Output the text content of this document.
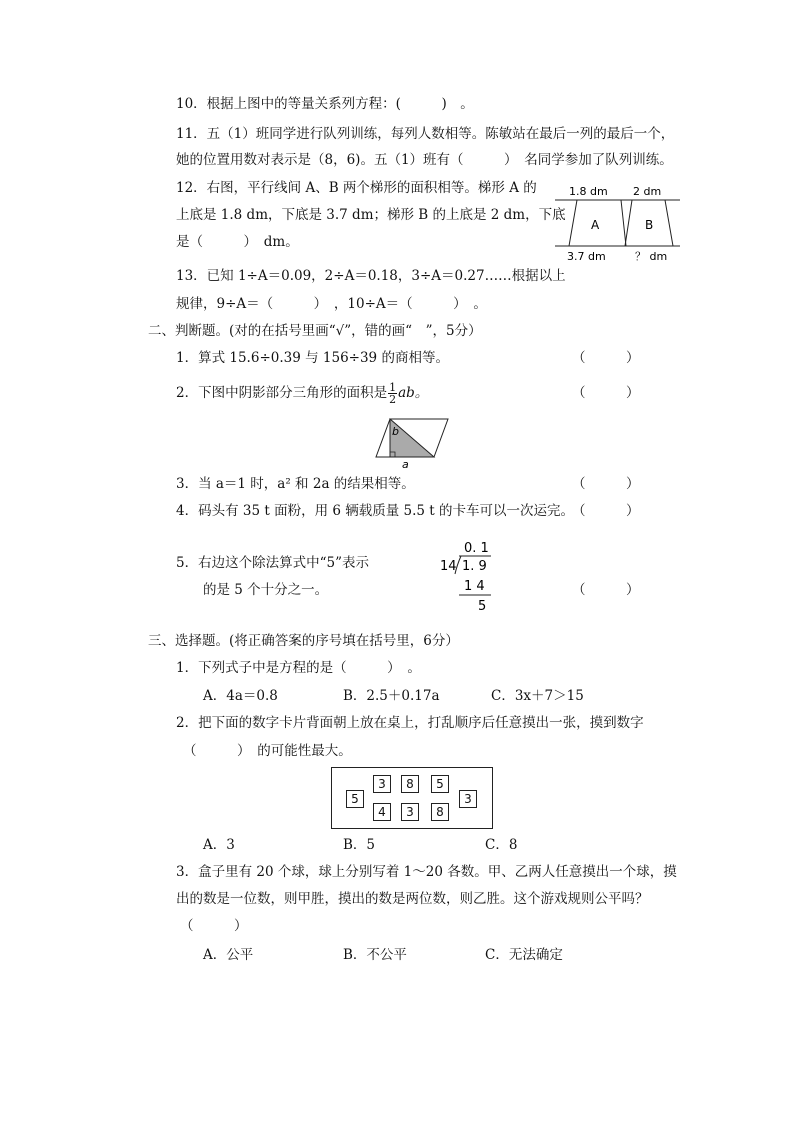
10．根据上图中的等量关系列方程：(　　　)　。
11．五（1）班同学进行队列训练，每列人数相等。陈敏站在最后一列的最后一个，
她的位置用数对表示是（8，6)。五（1）班有（　　　）　名同学参加了队列训练。
12．右图，平行线间 A、B 两个梯形的面积相等。梯形 A 的
上底是 1.8 dm，下底是 3.7 dm；梯形 B 的上底是 2 dm，下底
是（　　　）　dm。
1.8 dm 2 dm
A	B
3.7 dm	？ dm
13．已知 1÷A＝0.09，2÷A＝0.18，3÷A＝0.27……根据以上
规律，9÷A＝（　　　）　，10÷A＝（　　　）　。
二、判断题。(对的在括号里画“√”，错的画“　”，5分）
1．算式 15.6÷0.39 与 156÷39 的商相等。	（　　　）
2．下图中阴影部分三角形的面积是 $\frac{1}{2}$ ab。	（　　　）
b
a
3．当 a＝1 时，a² 和 2a 的结果相等。	（　　　）
4．码头有 35 t 面粉，用 6 辆载质量 5.5 t 的卡车可以一次运完。
（　　　）
5．右边这个除法算式中“5”表示
的是 5 个十分之一。	（　　　）
0. 1
14 1. 9
1 4
5
三、选择题。(将正确答案的序号填在括号里，6分）
1．下列式子中是方程的是（　　　）　。
A．4a＝0.8	B．2.5＋0.17a	C．3x＋7＞15
2．把下面的数字卡片背面朝上放在桌上，打乱顺序后任意摸出一张，摸到数字
（　　　）　的可能性最大。
5
3	8	5
4	3	8
3
A．3	B．5	C．8
3．盒子里有 20 个球，球上分别写着 1～20 各数。甲、乙两人任意摸出一个球，摸
出的数是一位数，则甲胜，摸出的数是两位数，则乙胜。这个游戏规则公平吗？
（　　　）
A．公平	B．不公平	C．无法确定
